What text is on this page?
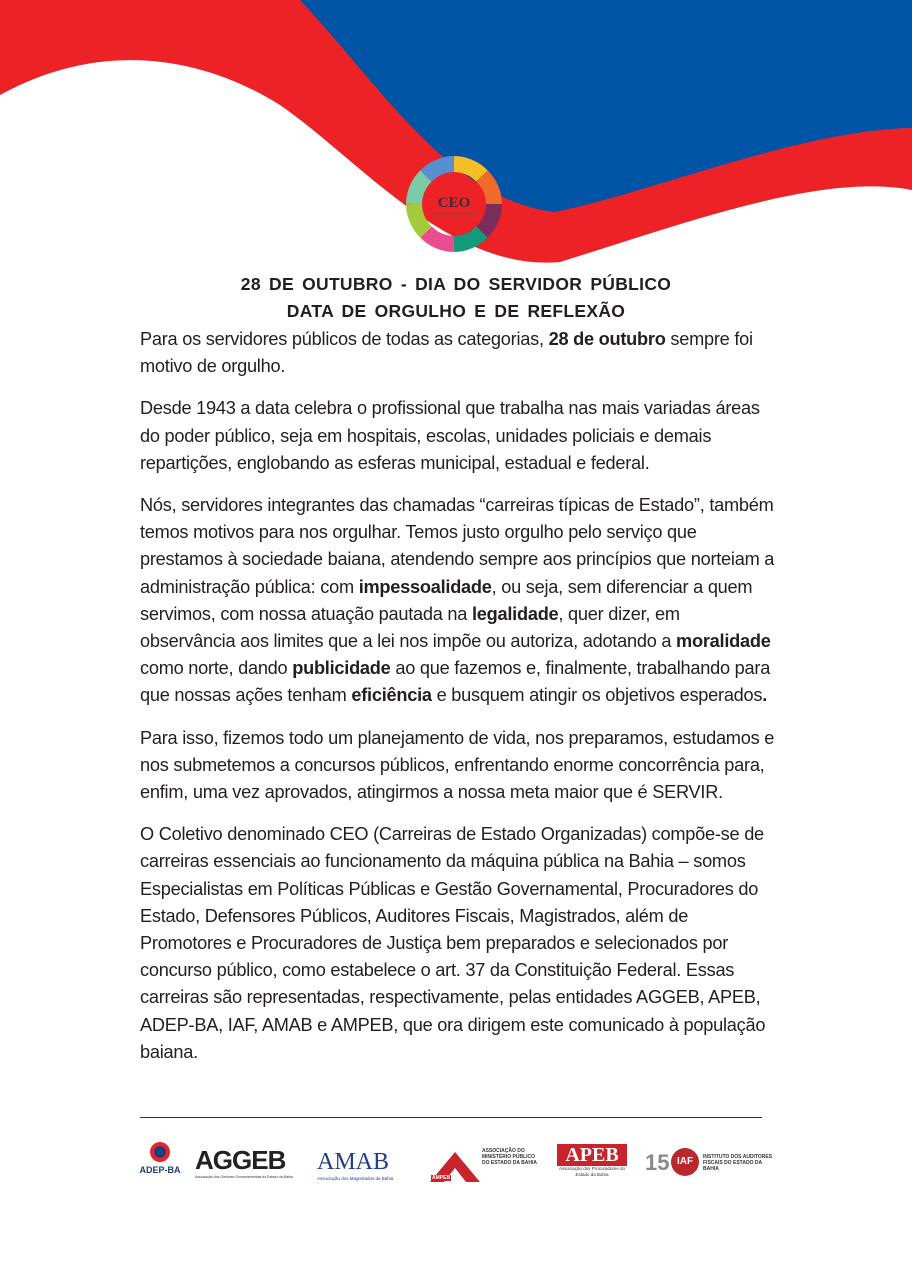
CEO
Carreiras de Estado Organizadas
28 DE OUTUBRO - DIA DO SERVIDOR PÚBLICO
DATA DE ORGULHO E DE REFLEXÃO

Para os servidores públicos de todas as categorias, 28 de outubro sempre foi motivo de orgulho.

Desde 1943 a data celebra o profissional que trabalha nas mais variadas áreas do poder público, seja em hospitais, escolas, unidades policiais e demais repartições, englobando as esferas municipal, estadual e federal.

Nós, servidores integrantes das chamadas “carreiras típicas de Estado”, também temos motivos para nos orgulhar. Temos justo orgulho pelo serviço que prestamos à sociedade baiana, atendendo sempre aos princípios que norteiam a administração pública: com impessoalidade, ou seja, sem diferenciar a quem servimos, com nossa atuação pautada na legalidade, quer dizer, em observância aos limites que a lei nos impõe ou autoriza, adotando a moralidade como norte, dando publicidade ao que fazemos e, finalmente, trabalhando para que nossas ações tenham eficiência e busquem atingir os objetivos esperados.

Para isso, fizemos todo um planejamento de vida, nos preparamos, estudamos e nos submetemos a concursos públicos, enfrentando enorme concorrência para, enfim, uma vez aprovados, atingirmos a nossa meta maior que é SERVIR.

O Coletivo denominado CEO (Carreiras de Estado Organizadas) compõe-se de carreiras essenciais ao funcionamento da máquina pública na Bahia – somos Especialistas em Políticas Públicas e Gestão Governamental, Procuradores do Estado, Defensores Públicos, Auditores Fiscais, Magistrados, além de Promotores e Procuradores de Justiça bem preparados e selecionados por concurso público, como estabelece o art. 37 da Constituição Federal. Essas carreiras são representadas, respectivamente, pelas entidades AGGEB, APEB, ADEP-BA, IAF, AMAB e AMPEB, que ora dirigem este comunicado à população baiana.

ADEP-BA AGGEB
Associação dos Gestores Governamentais do Estado da Bahia
AMAB
Associação dos Magistrados da Bahia	AMPEB
ASSOCIAÇÃO DO MINISTÉRIO PÚBLICO DO ESTADO DA BAHIA	APEB
Associação dos Procuradores do Estado da Bahia	15 IAF	INSTITUTO DOS AUDITORES FISCAIS DO ESTADO DA BAHIA
